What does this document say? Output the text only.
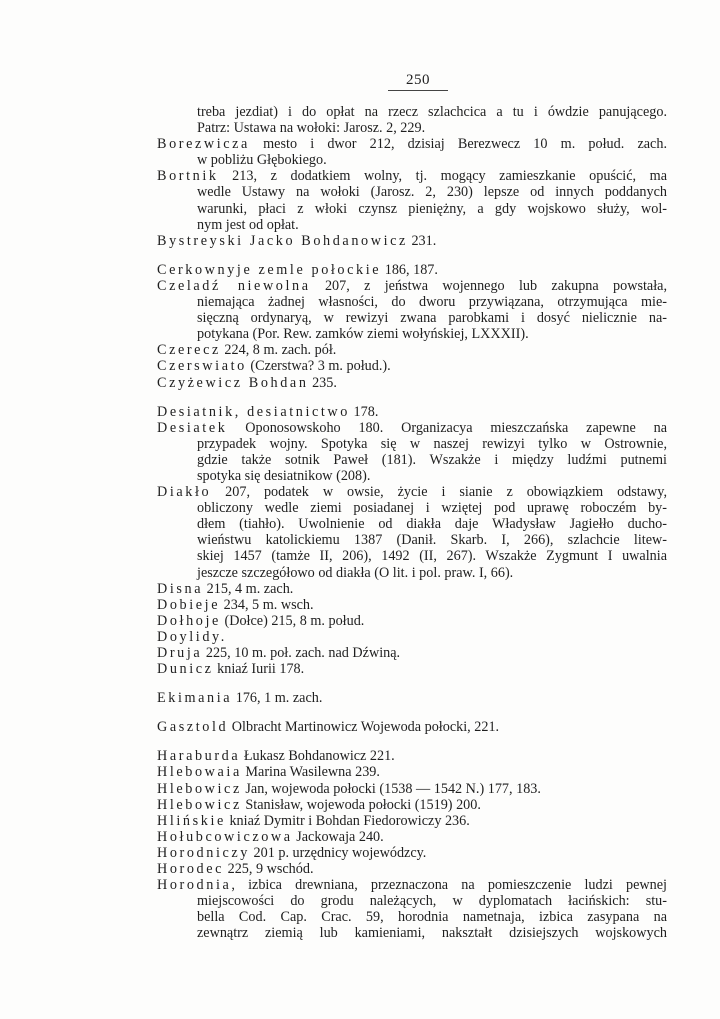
250
treba jezdiat) i do opłat na rzecz szlachcica a tu i ówdzie panującego.
Patrz: Ustawa na wołoki: Jarosz. 2, 229.
Borezwicza mesto i dwor 212, dzisiaj Berezwecz 10 m. połud. zach.
w pobliżu Głębokiego.
Bortnik 213, z dodatkiem wolny, tj. mogący zamieszkanie opuścić, ma
wedle Ustawy na wołoki (Jarosz. 2, 230) lepsze od innych poddanych
warunki, płaci z włoki czynsz pieniężny, a gdy wojskowo służy, wol-
nym jest od opłat.
Bystreyski Jacko Bohdanowicz 231.
Cerkownyje zemle połockie 186, 187.
Czeladź niewolna 207, z jeństwa wojennego lub zakupna powstała,
niemająca żadnej własności, do dworu przywiązana, otrzymująca mie-
sięczną ordynaryą, w rewizyi zwana parobkami i dosyć nielicznie na-
potykana (Por. Rew. zamków ziemi wołyńskiej, LXXXII).
Czerecz 224, 8 m. zach. pół.
Czerswiato (Czerstwa? 3 m. połud.).
Czyżewicz Bohdan 235.
Desiatnik, desiatnictwo 178.
Desiatek Oponosowskoho 180. Organizacya mieszczańska zapewne na
przypadek wojny. Spotyka się w naszej rewizyi tylko w Ostrownie,
gdzie także sotnik Paweł (181). Wszakże i między ludźmi putnemi
spotyka się desiatnikow (208).
Diakło 207, podatek w owsie, życie i sianie z obowiązkiem odstawy,
obliczony wedle ziemi posiadanej i wziętej pod uprawę roboczém by-
dłem (tiahło). Uwolnienie od diakła daje Władysław Jagiełło ducho-
wieństwu katolickiemu 1387 (Danił. Skarb. I, 266), szlachcie litew-
skiej 1457 (tamże II, 206), 1492 (II, 267). Wszakże Zygmunt I uwalnia
jeszcze szczegółowo od diakła (O lit. i pol. praw. I, 66).
Disna 215, 4 m. zach.
Dobieje 234, 5 m. wsch.
Dołhoje (Dołce) 215, 8 m. połud.
Doylidy.
Druja 225, 10 m. poł. zach. nad Dźwiną.
Dunicz kniaź Iurii 178.
Ekimania 176, 1 m. zach.
Gasztold Olbracht Martinowicz Wojewoda połocki, 221.
Haraburda Łukasz Bohdanowicz 221.
Hlebowaia Marina Wasilewna 239.
Hlebowicz Jan, wojewoda połocki (1538 — 1542 N.) 177, 183.
Hlebowicz Stanisław, wojewoda połocki (1519) 200.
Hlińskie kniaź Dymitr i Bohdan Fiedorowiczy 236.
Hołubcowiczowa Jackowaja 240.
Horodniczy 201 p. urzędnicy wojewódzcy.
Horodec 225, 9 wschód.
Horodnia, izbica drewniana, przeznaczona na pomieszczenie ludzi pewnej
miejscowości do grodu należących, w dyplomatach łacińskich: stu-
bella Cod. Cap. Crac. 59, horodnia nametnaja, izbica zasypana na
zewnątrz ziemią lub kamieniami, nakształt dzisiejszych wojskowych
